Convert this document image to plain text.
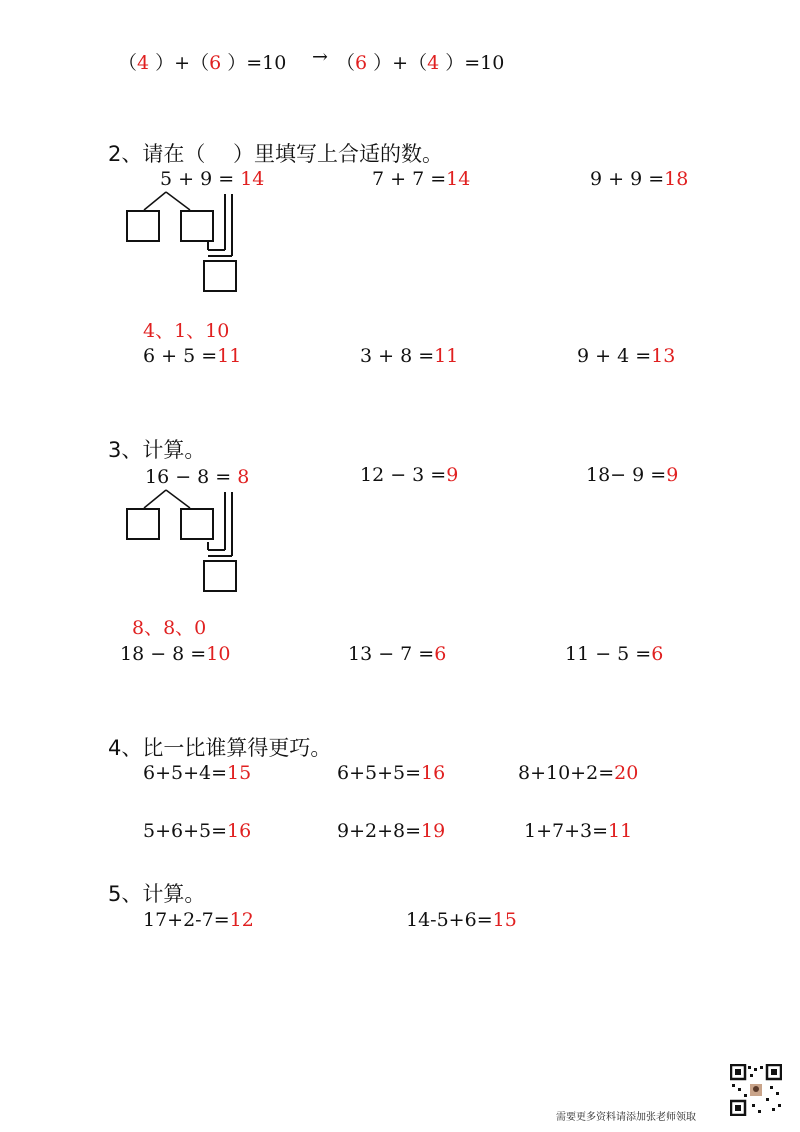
（4 ）+（6 ）=10 → （6 ）+（4 ）=10
2、请在（　 ）里填写上合适的数。
5 + 9 = 14	7 + 7 =14	9 + 9 =18
4、1、10
6 + 5 =11	3 + 8 =11	9 + 4 =13
3、计算。
16 − 8 = 8	12 − 3 =9	18− 9 =9
8、8、0
18 − 8 =10	13 − 7 =6	11 − 5 =6
4、比一比谁算得更巧。
6+5+4=15	6+5+5=16	8+10+2=20
5+6+5=16	9+2+8=19	1+7+3=11
5、计算。
17+2-7=12	14-5+6=15
需要更多资料请添加张老师领取
